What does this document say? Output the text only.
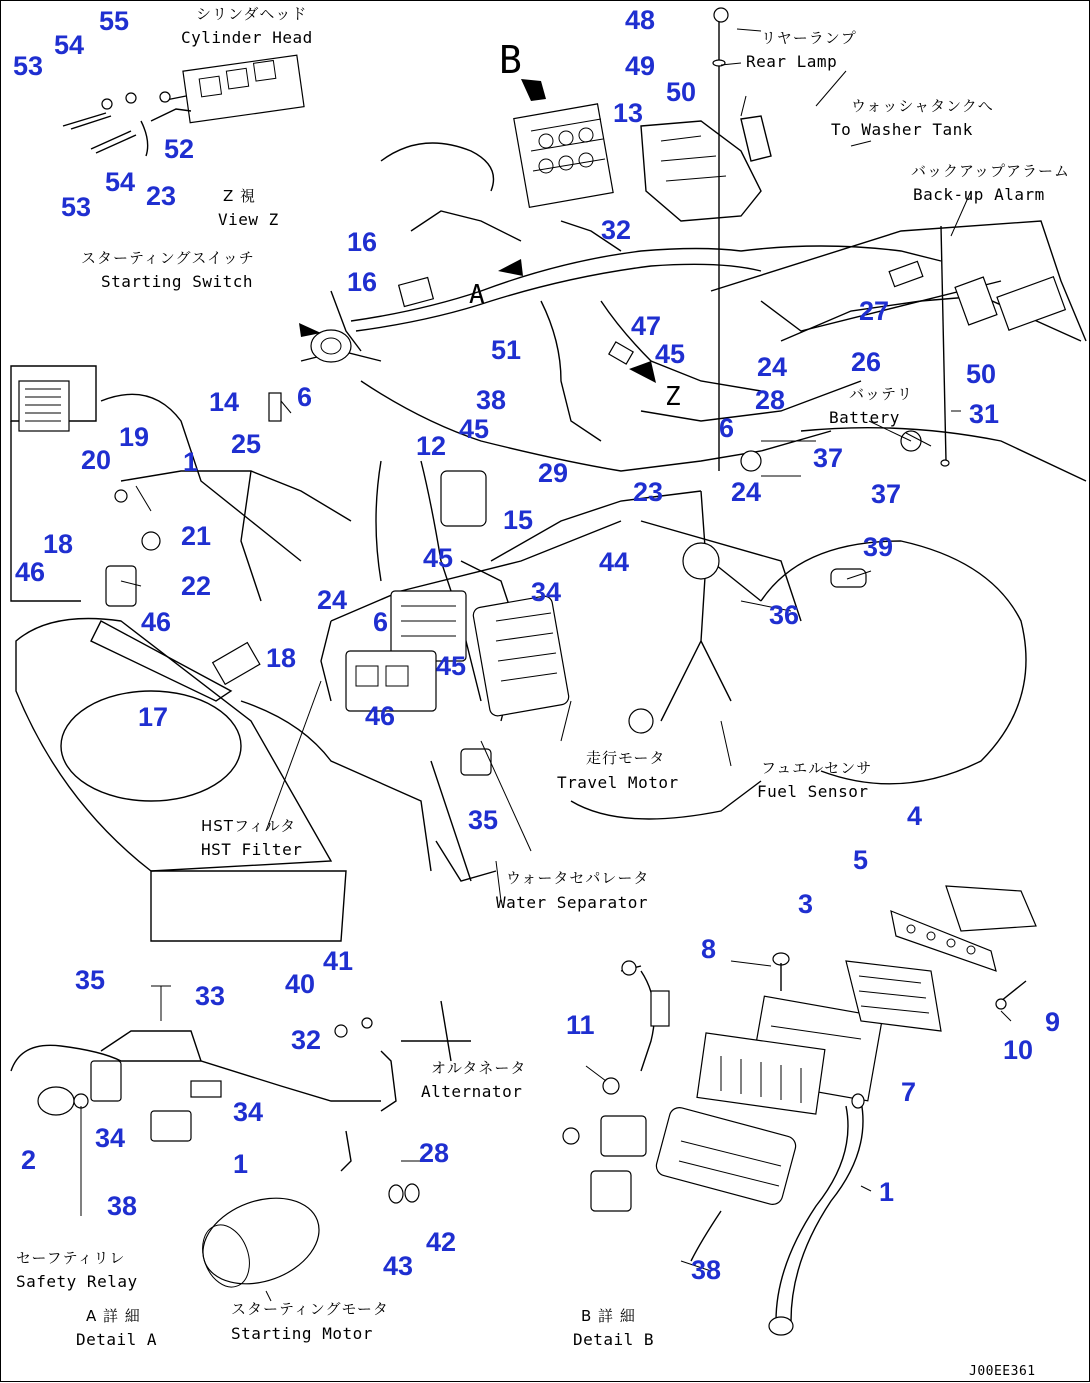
シリンダヘッド
Cylinder Head
Z 視
View Z
スターティングスイッチ
Starting Switch
リヤーランプ
Rear Lamp
ウォッシャタンクへ
To Washer Tank
バックアップアラーム
Back-up Alarm
バッテリ
Battery
走行モータ
Travel Motor
フュエルセンサ
Fuel Sensor
HSTフィルタ
HST Filter
ウォータセパレータ
Water Separator
オルタネータ
Alternator
セーフティリレ
Safety Relay
スターティングモータ
Starting Motor
A 詳 細
Detail A
B 詳 細
Detail B
B
A
Z
J00EE361
53
54
55
54
53 23
52
16
16
14 6
19
20	1
25
21
22
18
46
46
17
13
32
51
47
45
38
45
12
15
24
45
18
6
45
46
29
23
44
34
35
48
49
50
27
26
24
28
6
24
37
50
31
37
39
36
35
33
34
34
2	1
38
40
41
32
28
43
42
8
11
3
4
5
9
10
7
1
38
